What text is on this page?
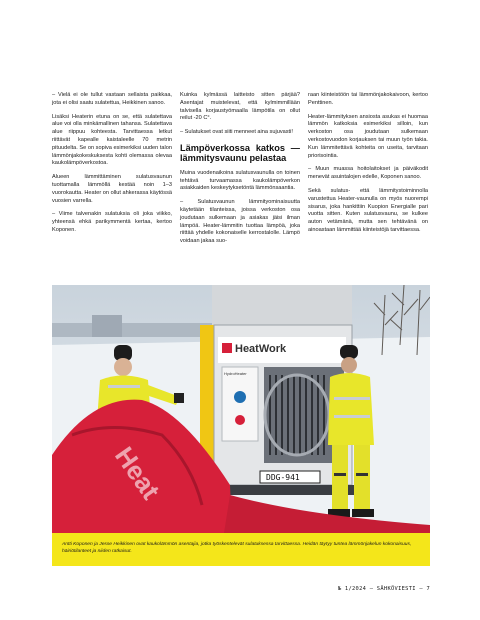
– Vielä ei ole tullut vastaan sellaista paikkaa, jota ei olisi saatu sulatettua, Heikkinen sanoo.

Lisäksi Heaterin etuna on se, että sulatettava alue voi olla minkämallinen tahansa. Sulatettava alue riippuu kohteesta. Tarvittaessa letkut riittävät kapealle kaistaleelle 70 metrin pituudelta. Se on sopiva esimerkiksi uuden talon lämmönjakokeskuksesta kohti olemassa olevaa kaukolämpöverkostoa.

Alueen lämmittäminen sulatusvaunun tuottamalla lämmöllä kestää noin 1–3 vuorokautta. Heater on ollut ahkerassa käytössä vuosien varrella.

– Viime talvenakin sulatuksia oli joka viikko, yhteensä ehkä parikymmentä kertaa, kertoo Koponen.

Kuinka kylmässä laitteisto sitten pärjää? Asentajat muistelevat, että kylmimmillään talvisella korjaustyömaalla lämpötila on ollut reilut -20 C°.

– Sulatukset ovat siiti menneet aina sujuvasti!

Lämpöverkossa katkos — lämmitysvaunu pelastaa

Muina vuodenaikoina sulatusvaunulla on toinen tehtävä turvaamassa kaukolämpöverkon asiakkaiden keskeytyksetöntä lämmönsaantia.

– Sulatusvaunun lämmityominaisuutta käytetään tilanteissa, joissa verkoston osa joudutaan sulkemaan ja asiakas jäisi ilman lämpöä. Heater-lämmitin tuottaa lämpöä, joka riittää yhdelle kokonaiselle kerrostalolle. Lämpö voidaan jakaa suo-

raan kiinteistöön tai lämmönjakokaivoon, kertoo Penttinen.

Heater-lämmityksen ansiosta asukas ei huomaa lämmön katkoksia esimerkiksi silloin, kun verkoston osa joudutaan sulkemaan verkostovuodon korjauksen tai muun työn takia. Kun lämmitettävä kohteita on useita, tarvitaan priorisointia.

– Muun muassa hoitolaitokset ja päiväkodit menevät asuintalojen edelle, Koponen sanoo.

Sekä sulatus- että lämmitystoiminnolla varustettua Heater-vaunulla on myös nuorempi sisarus, joka hankittiin Kuopion Energialle pari vuotta sitten. Kuten sulatusvaunu, se kulkee auton vetämänä, mutta sen tehtävänä on ainoastaan lämmittää kiinteistöjä tarvittaessa.

HeatWork
HydroHeater
DDG-941
Heat
Antti Koponen ja Jesse Heikkinen ovat kaukolämmön asentajia, jotka työskentelevät sulatuksessa tarvittaessa. Heidän täytyy tuntea lämmönjakelun kokonaisuus, häiriötilanteet ja niiden ratkaisut.
№ 1/2024 — SÄHKÖVIESTI — 7
